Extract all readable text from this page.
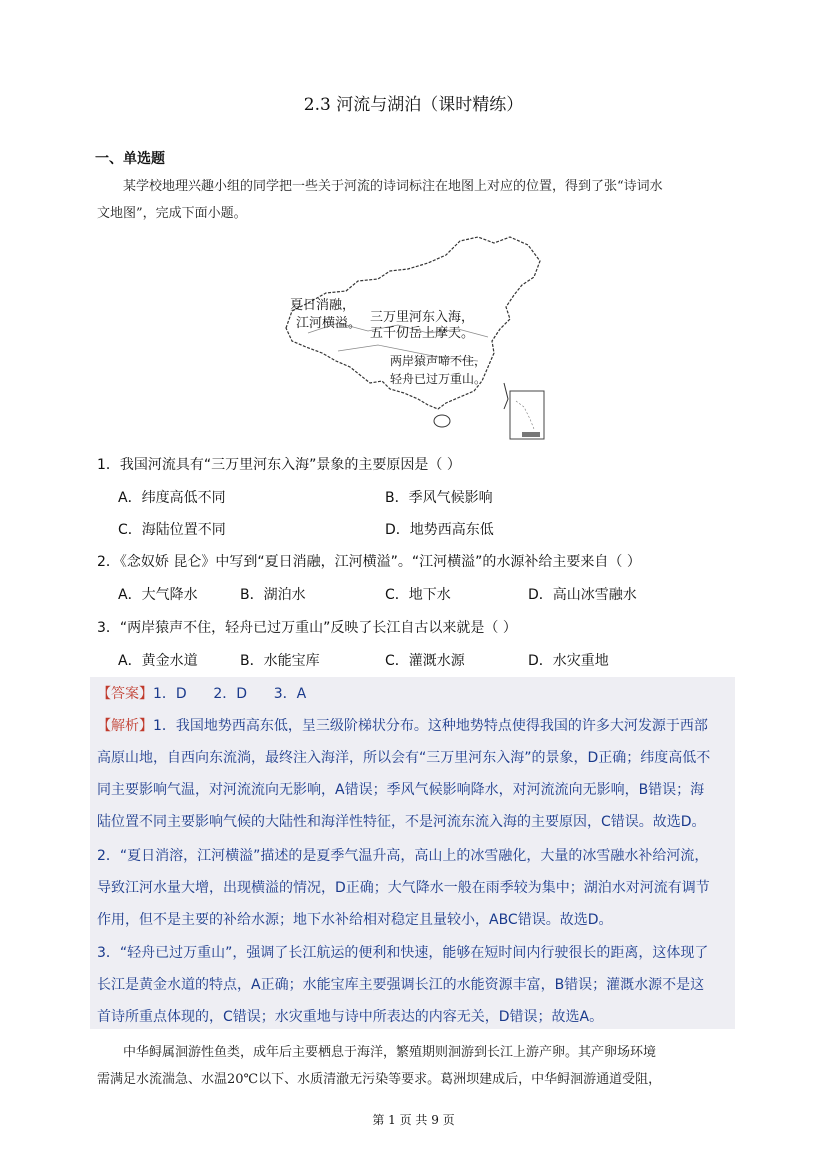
2.3 河流与湖泊（课时精练）
一、单选题

某学校地理兴趣小组的同学把一些关于河流的诗词标注在地图上对应的位置，得到了张“诗词水

文地图”，完成下面小题。
夏日消融，
江河横溢。 三万里河东入海，
五千仞岳上摩天。
两岸猿声啼不住，
轻舟已过万重山。
1．我国河流具有“三万里河东入海”景象的主要原因是（ ）
A．纬度高低不同	B．季风气候影响
C．海陆位置不同	D．地势西高东低
2．《念奴娇 昆仑》中写到“夏日消融，江河横溢”。“江河横溢”的水源补给主要来自（ ）
A．大气降水	B．湖泊水	C．地下水	D．高山冰雪融水
3．“两岸猿声不住，轻舟已过万重山”反映了长江自古以来就是（ ）
A．黄金水道	B．水能宝库	C．灌溉水源	D．水灾重地
【答案】1．D      2．D      3．A
【解析】1．我国地势西高东低，呈三级阶梯状分布。这种地势特点使得我国的许多大河发源于西部
高原山地，自西向东流淌，最终注入海洋，所以会有“三万里河东入海”的景象，D正确；纬度高低不
同主要影响气温，对河流流向无影响，A错误；季风气候影响降水，对河流流向无影响，B错误；海
陆位置不同主要影响气候的大陆性和海洋性特征，不是河流东流入海的主要原因，C错误。故选D。
2．“夏日消溶，江河横溢”描述的是夏季气温升高，高山上的冰雪融化，大量的冰雪融水补给河流，
导致江河水量大增，出现横溢的情况，D正确；大气降水一般在雨季较为集中；湖泊水对河流有调节
作用，但不是主要的补给水源；地下水补给相对稳定且量较小，ABC错误。故选D。
3．“轻舟已过万重山”，强调了长江航运的便利和快速，能够在短时间内行驶很长的距离，这体现了
长江是黄金水道的特点，A正确；水能宝库主要强调长江的水能资源丰富，B错误；灌溉水源不是这
首诗所重点体现的，C错误；水灾重地与诗中所表达的内容无关，D错误；故选A。

中华鲟属洄游性鱼类，成年后主要栖息于海洋，繁殖期则洄游到长江上游产卵。其产卵场环境

需满足水流湍急、水温20℃以下、水质清澈无污染等要求。葛洲坝建成后，中华鲟洄游通道受阻，
第 1 页 共 9 页
